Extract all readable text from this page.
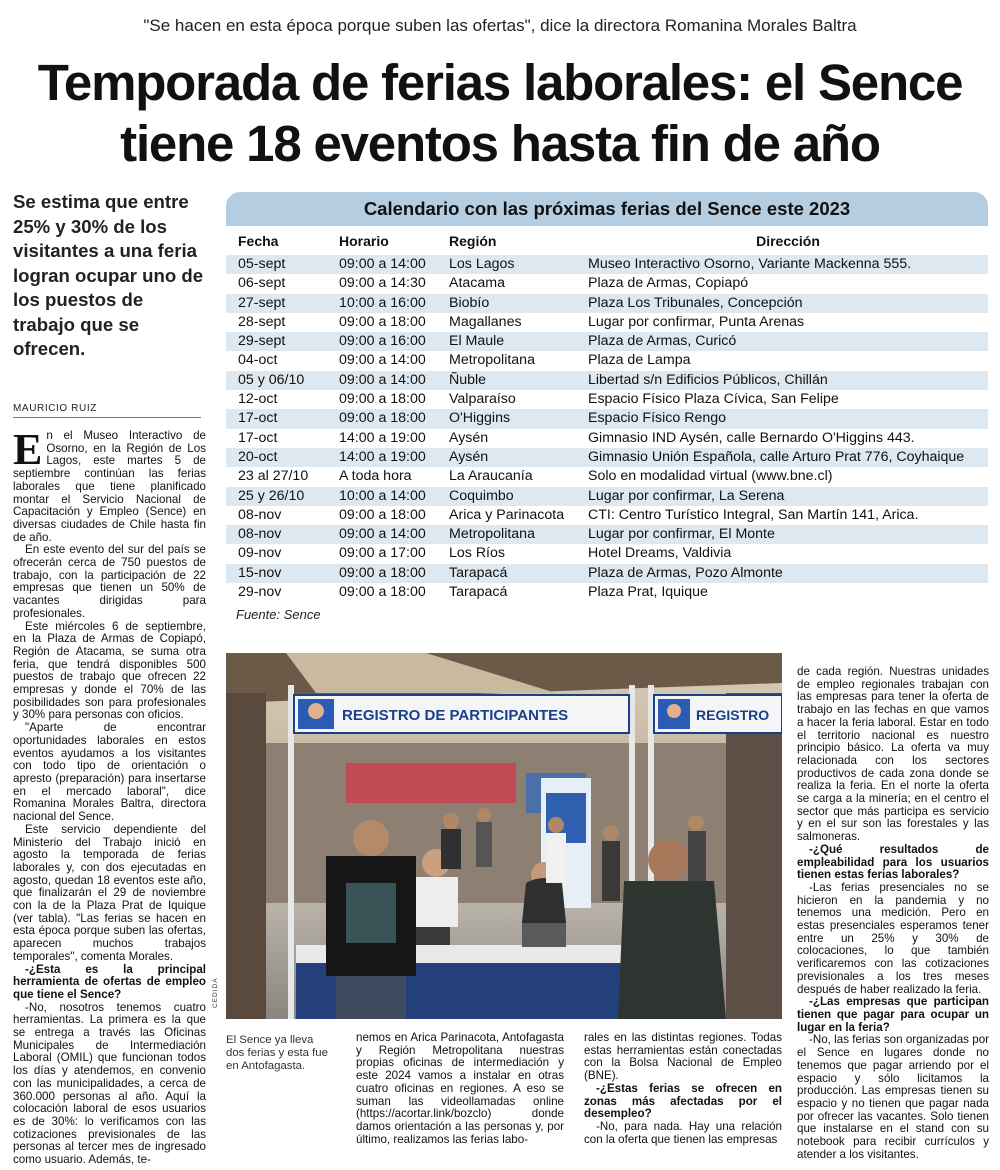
"Se hacen en esta época porque suben las ofertas", dice la directora Romanina Morales Baltra
Temporada de ferias laborales: el Sence
tiene 18 eventos hasta fin de año
Se estima que entre 25% y 30% de los visitantes a una feria logran ocupar uno de los puestos de trabajo que se ofrecen.
MAURICIO RUIZ
Calendario con las próximas ferias del Sence este 2023
Fecha	Horario	Región	Dirección
05-sept	09:00 a 14:00	Los Lagos	Museo Interactivo Osorno, Variante Mackenna 555.
06-sept	09:00 a 14:30	Atacama	Plaza de Armas, Copiapó
27-sept	10:00 a 16:00	Biobío	Plaza Los Tribunales, Concepción
28-sept	09:00 a 18:00	Magallanes	Lugar por confirmar, Punta Arenas
29-sept	09:00 a 16:00	El Maule	Plaza de Armas, Curicó
04-oct	09:00 a 14:00	Metropolitana	Plaza de Lampa
05 y 06/10	09:00 a 14:00	Ñuble	Libertad s/n Edificios Públicos, Chillán
12-oct	09:00 a 18:00	Valparaíso	Espacio Físico Plaza Cívica, San Felipe
17-oct	09:00 a 18:00	O'Higgins	Espacio Físico Rengo
17-oct	14:00 a 19:00	Aysén	Gimnasio IND Aysén, calle Bernardo O'Higgins 443.
20-oct	14:00 a 19:00	Aysén	Gimnasio Unión Española, calle Arturo Prat 776, Coyhaique
23 al 27/10	A toda hora	La Araucanía	Solo en modalidad virtual (www.bne.cl)
25 y 26/10	10:00 a 14:00	Coquimbo	Lugar por confirmar, La Serena
08-nov	09:00 a 18:00	Arica y Parinacota	CTI: Centro Turístico Integral, San Martín 141, Arica.
08-nov	09:00 a 14:00	Metropolitana	Lugar por confirmar, El Monte
09-nov	09:00 a 17:00	Los Ríos	Hotel Dreams, Valdivia
15-nov	09:00 a 18:00	Tarapacá	Plaza de Armas, Pozo Almonte
29-nov	09:00 a 18:00	Tarapacá	Plaza Prat, Iquique
Fuente: Sence
REGISTRO DE PARTICIPANTES	REGISTRO
CEDIDA
El Sence ya lleva dos ferias y esta fue en Antofagasta.

En el Museo Interactivo de Osorno, en la Región de Los Lagos, este martes 5 de septiembre continúan las ferias laborales que tiene planificado montar el Servicio Nacional de Capacitación y Empleo (Sence) en diversas ciudades de Chile hasta fin de año.

En este evento del sur del país se ofrecerán cerca de 750 puestos de trabajo, con la participación de 22 empresas que tienen un 50% de vacantes dirigidas para profesionales.

Este miércoles 6 de septiembre, en la Plaza de Armas de Copiapó, Región de Atacama, se suma otra feria, que tendrá disponibles 500 puestos de trabajo que ofrecen 22 empresas y donde el 70% de las posibilidades son para profesionales y 30% para personas con oficios.

"Aparte de encontrar oportunidades laborales en estos eventos ayudamos a los visitantes con todo tipo de orientación o apresto (preparación) para insertarse en el mercado laboral", dice Romanina Morales Baltra, directora nacional del Sence.

Este servicio dependiente del Ministerio del Trabajo inició en agosto la temporada de ferias laborales y, con dos ejecutadas en agosto, quedan 18 eventos este año, que finalizarán el 29 de noviembre con la de la Plaza Prat de Iquique (ver tabla). "Las ferias se hacen en esta época porque suben las ofertas, aparecen muchos trabajos temporales", comenta Morales.

-¿Esta es la principal herramienta de ofertas de empleo que tiene el Sence?

-No, nosotros tenemos cuatro herramientas. La primera es la que se entrega a través las Oficinas Municipales de Intermediación Laboral (OMIL) que funcionan todos los días y atendemos, en convenio con las municipalidades, a cerca de 360.000 personas al año. Aquí la colocación laboral de esos usuarios es de 30%: lo verificamos con las cotizaciones previsionales de las personas al tercer mes de ingresado como usuario. Además, te-

nemos en Arica Parinacota, Antofagasta y Región Metropolitana nuestras propias oficinas de intermediación y este 2024 vamos a instalar en otras cuatro oficinas en regiones. A eso se suman las videollamadas online (https://acortar.link/bozclo) donde damos orientación a las personas y, por último, realizamos las ferias labo-

rales en las distintas regiones. Todas estas herramientas están conectadas con la Bolsa Nacional de Empleo (BNE).

-¿Estas ferias se ofrecen en zonas más afectadas por el desempleo?

-No, para nada. Hay una relación con la oferta que tienen las empresas

de cada región. Nuestras unidades de empleo regionales trabajan con las empresas para tener la oferta de trabajo en las fechas en que vamos a hacer la feria laboral. Estar en todo el territorio nacional es nuestro principio básico. La oferta va muy relacionada con los sectores productivos de cada zona donde se realiza la feria. En el norte la oferta se carga a la minería; en el centro el sector que más participa es servicio y en el sur son las forestales y las salmoneras.

-¿Qué resultados de empleabilidad para los usuarios tienen estas ferias laborales?

-Las ferias presenciales no se hicieron en la pandemia y no tenemos una medición. Pero en estas presenciales esperamos tener entre un 25% y 30% de colocaciones, lo que también verificaremos con las cotizaciones previsionales a los tres meses después de haber realizado la feria.

-¿Las empresas que participan tienen que pagar para ocupar un lugar en la feria?

-No, las ferias son organizadas por el Sence en lugares donde no tenemos que pagar arriendo por el espacio y sólo licitamos la producción. Las empresas tienen su espacio y no tienen que pagar nada por ofrecer las vacantes. Solo tienen que instalarse en el stand con su notebook para recibir currículos y atender a los visitantes.
